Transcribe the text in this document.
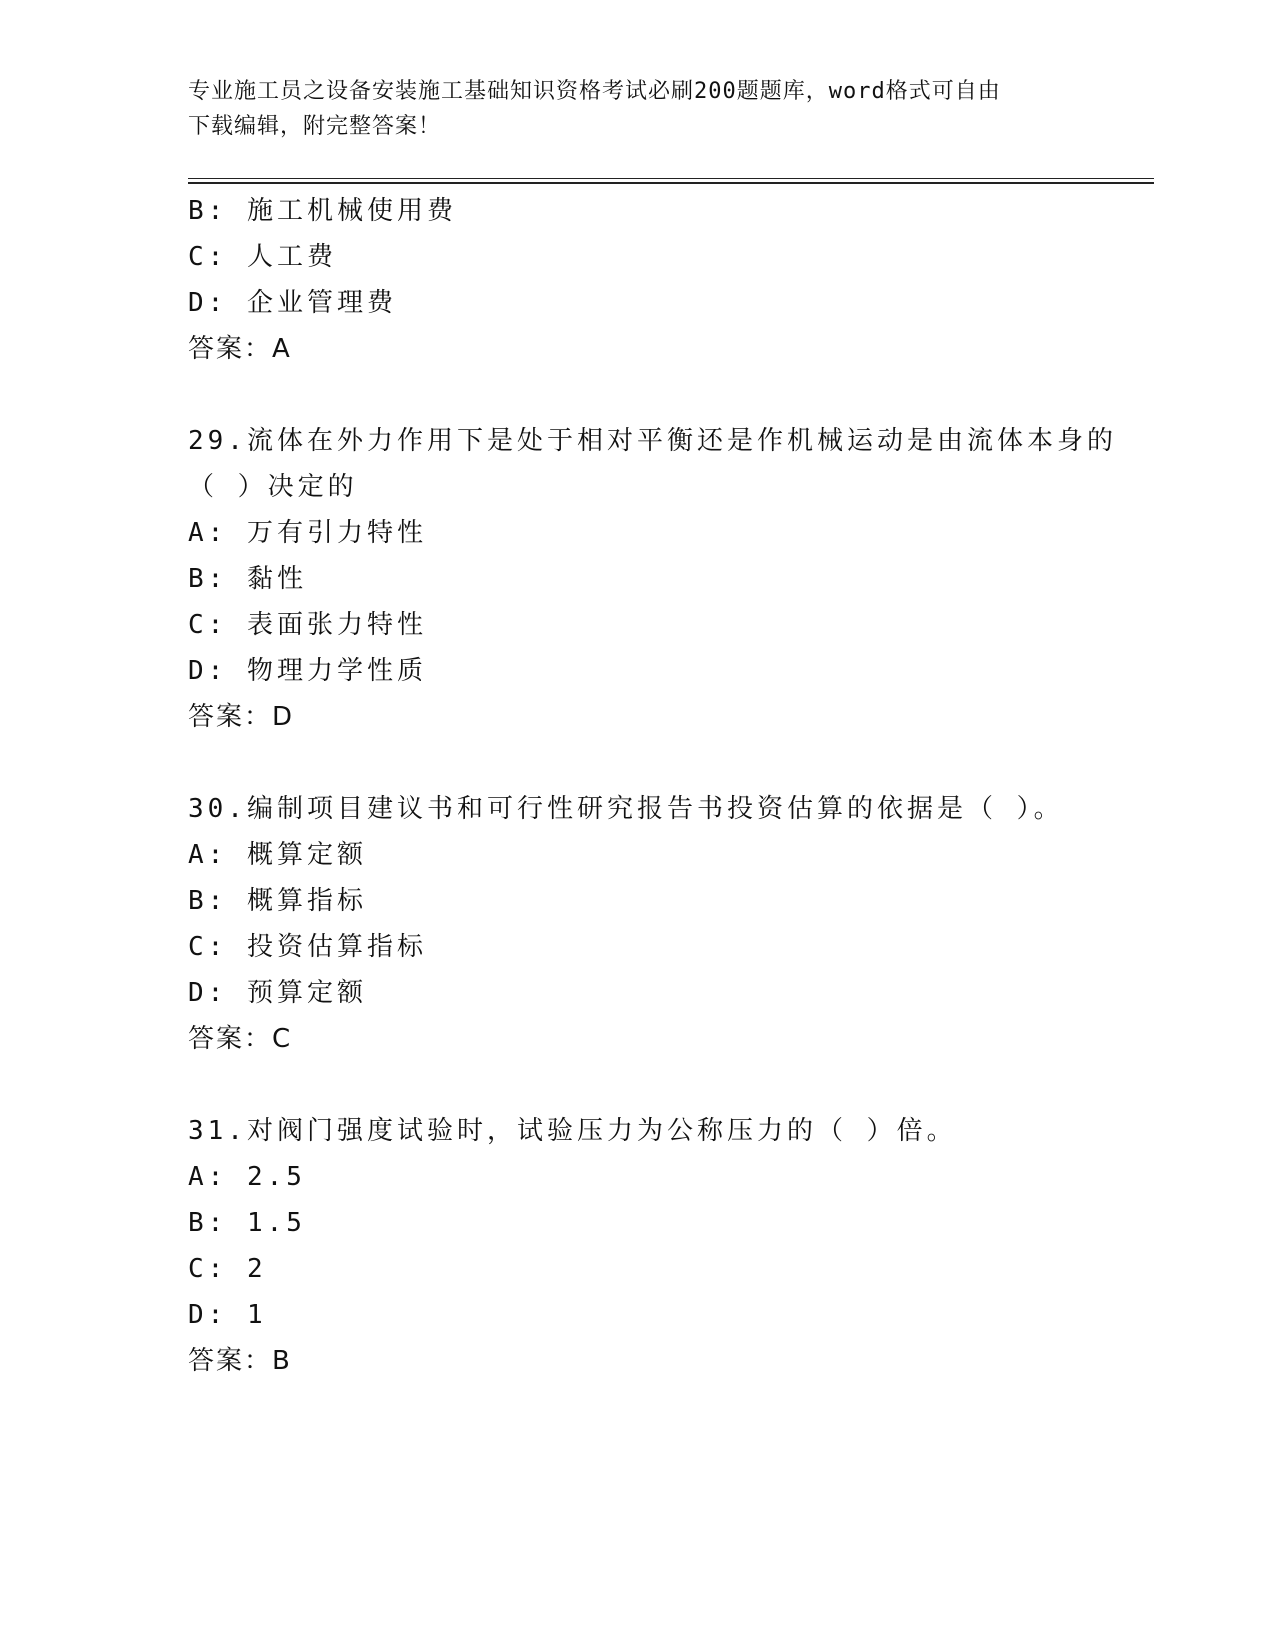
专业施工员之设备安装施工基础知识资格考试必刷200题题库，word格式可自由
下载编辑，附完整答案！
B: 施工机械使用费
C: 人工费
D: 企业管理费
答案：A
29.流体在外力作用下是处于相对平衡还是作机械运动是由流体本身的
（ ）决定的
A: 万有引力特性
B: 黏性
C: 表面张力特性
D: 物理力学性质
答案：D
30.编制项目建议书和可行性研究报告书投资估算的依据是（ ）。
A: 概算定额
B: 概算指标
C: 投资估算指标
D: 预算定额
答案：C
31.对阀门强度试验时，试验压力为公称压力的（ ）倍。
A: 2.5
B: 1.5
C: 2
D: 1
答案：B
